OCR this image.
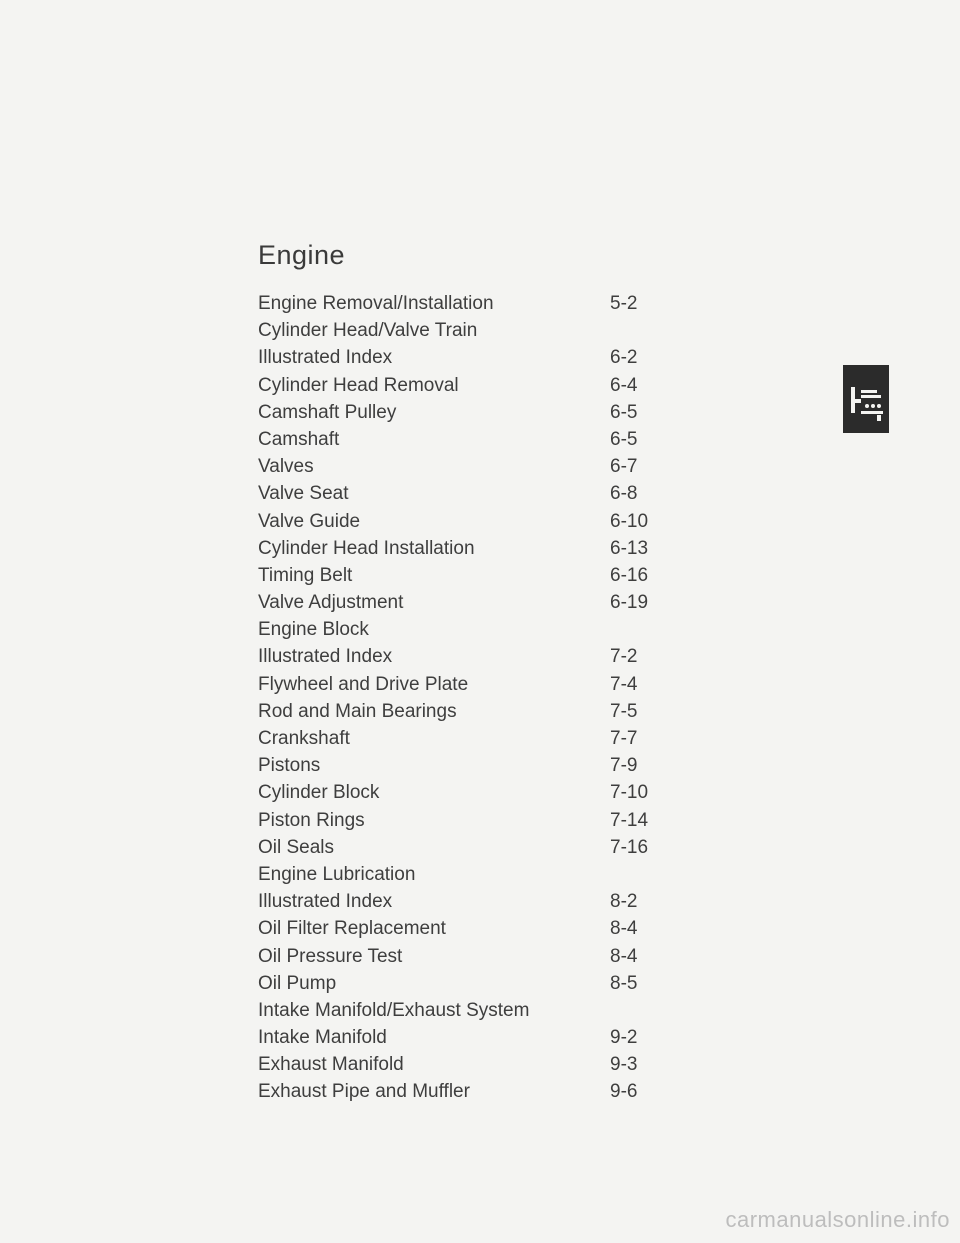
Engine
Engine Removal/Installation . . .	5-2
Cylinder Head/Valve Train
Illustrated Index . . .	6-2
Cylinder Head Removal . . .	6-4
Camshaft Pulley . . .	6-5
Camshaft . . .	6-5
Valves . . .	6-7
Valve Seat . . .	6-8
Valve Guide . . .	6-10
Cylinder Head Installation . . .	6-13
Timing Belt . . .	6-16
Valve Adjustment . . .	6-19
Engine Block
Illustrated Index . . .	7-2
Flywheel and Drive Plate . . .	7-4
Rod and Main Bearings . . .	7-5
Crankshaft . . .	7-7
Pistons . . .	7-9
Cylinder Block . . .	7-10
Piston Rings . . .	7-14
Oil Seals . . .	7-16
Engine Lubrication
Illustrated Index . . .	8-2
Oil Filter Replacement . . .	8-4
Oil Pressure Test . . .	8-4
Oil Pump . . .	8-5
Intake Manifold/Exhaust System
Intake Manifold . . .	9-2
Exhaust Manifold . . .	9-3
Exhaust Pipe and Muffler . . .	9-6
carmanualsonline.info
